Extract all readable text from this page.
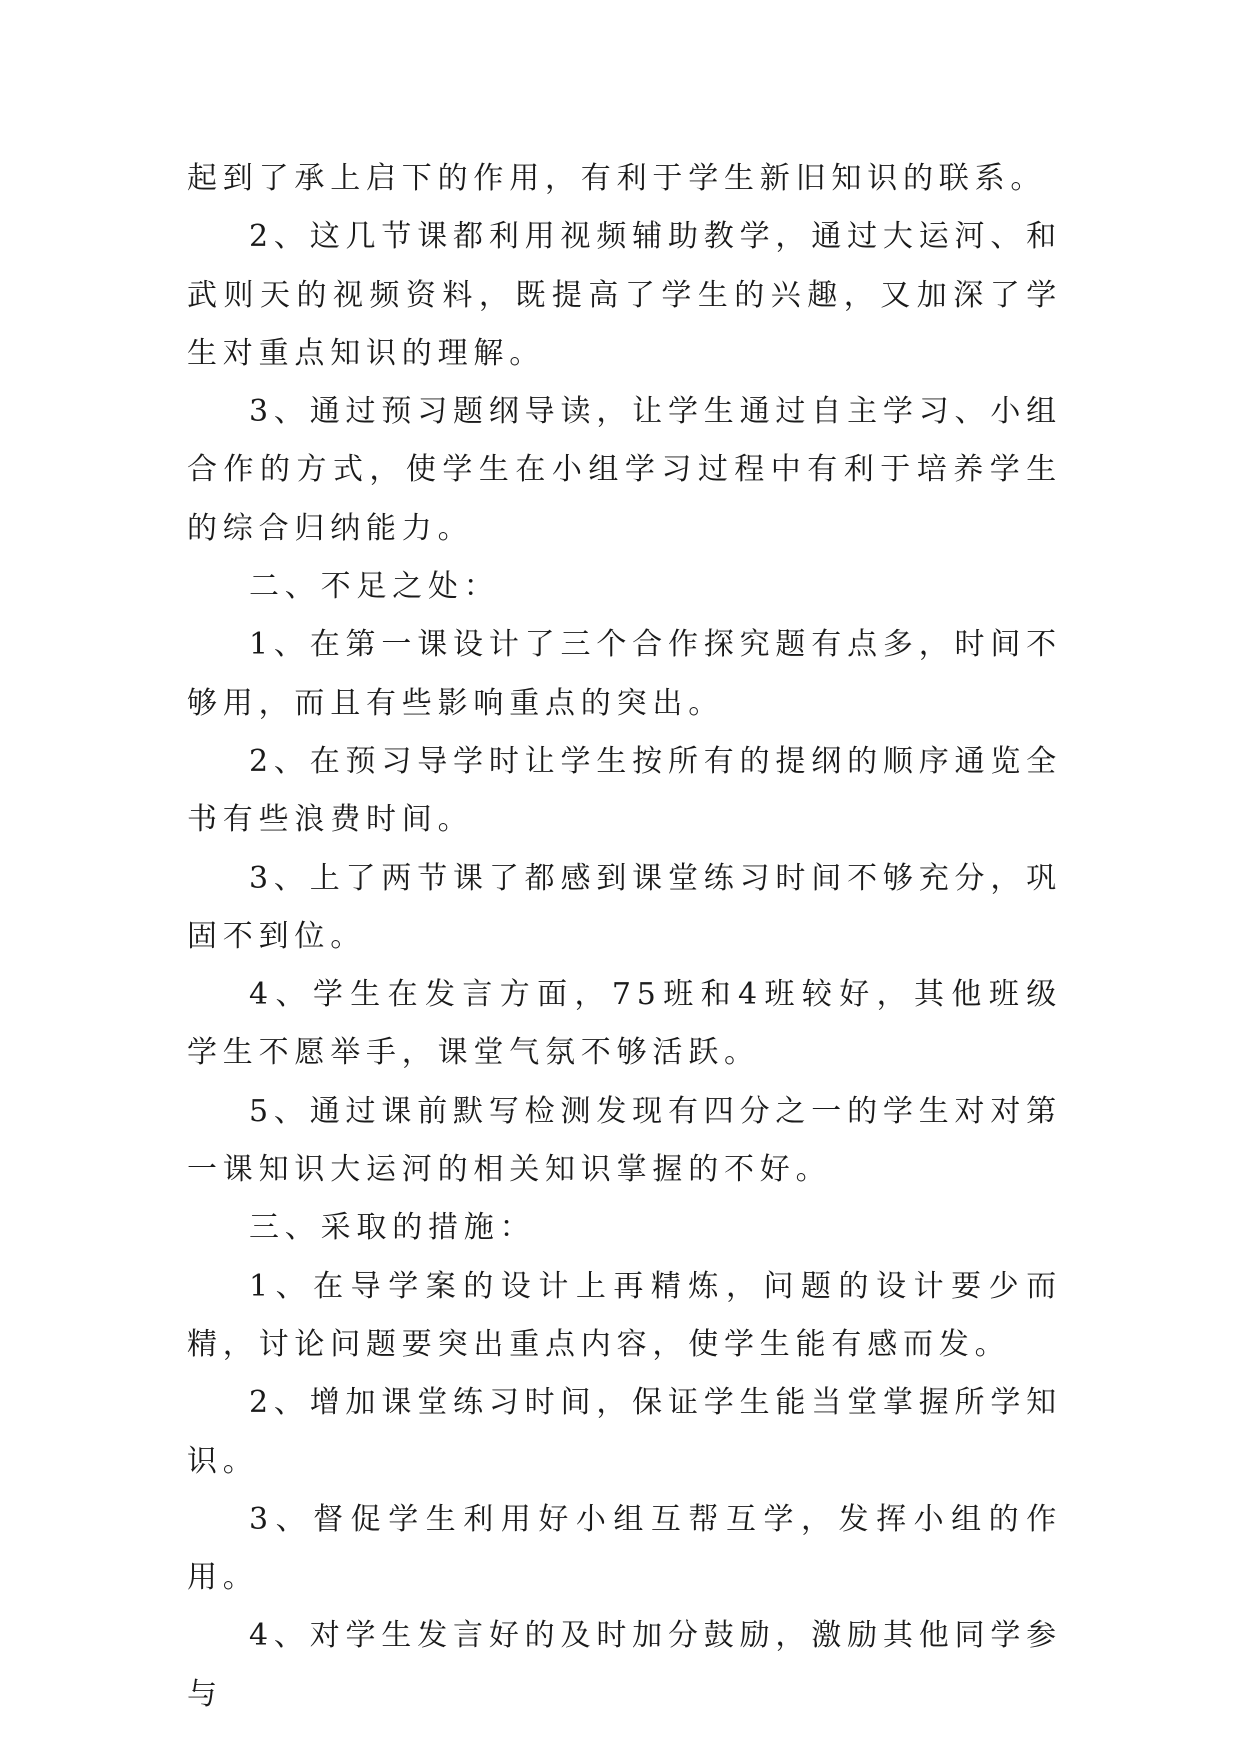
起到了承上启下的作用，有利于学生新旧知识的联系。

2、这几节课都利用视频辅助教学，通过大运河、和武则天的视频资料，既提高了学生的兴趣，又加深了学生对重点知识的理解。

3、通过预习题纲导读，让学生通过自主学习、小组合作的方式，使学生在小组学习过程中有利于培养学生的综合归纳能力。

二、不足之处：

1、在第一课设计了三个合作探究题有点多，时间不够用，而且有些影响重点的突出。

2、在预习导学时让学生按所有的提纲的顺序通览全书有些浪费时间。

3、上了两节课了都感到课堂练习时间不够充分，巩固不到位。

4、学生在发言方面，75班和4班较好，其他班级学生不愿举手，课堂气氛不够活跃。

5、通过课前默写检测发现有四分之一的学生对对第一课知识大运河的相关知识掌握的不好。

三、采取的措施：

1、在导学案的设计上再精炼，问题的设计要少而精，讨论问题要突出重点内容，使学生能有感而发。

2、增加课堂练习时间，保证学生能当堂掌握所学知识。

3、督促学生利用好小组互帮互学，发挥小组的作用。

4、对学生发言好的及时加分鼓励，激励其他同学参与
